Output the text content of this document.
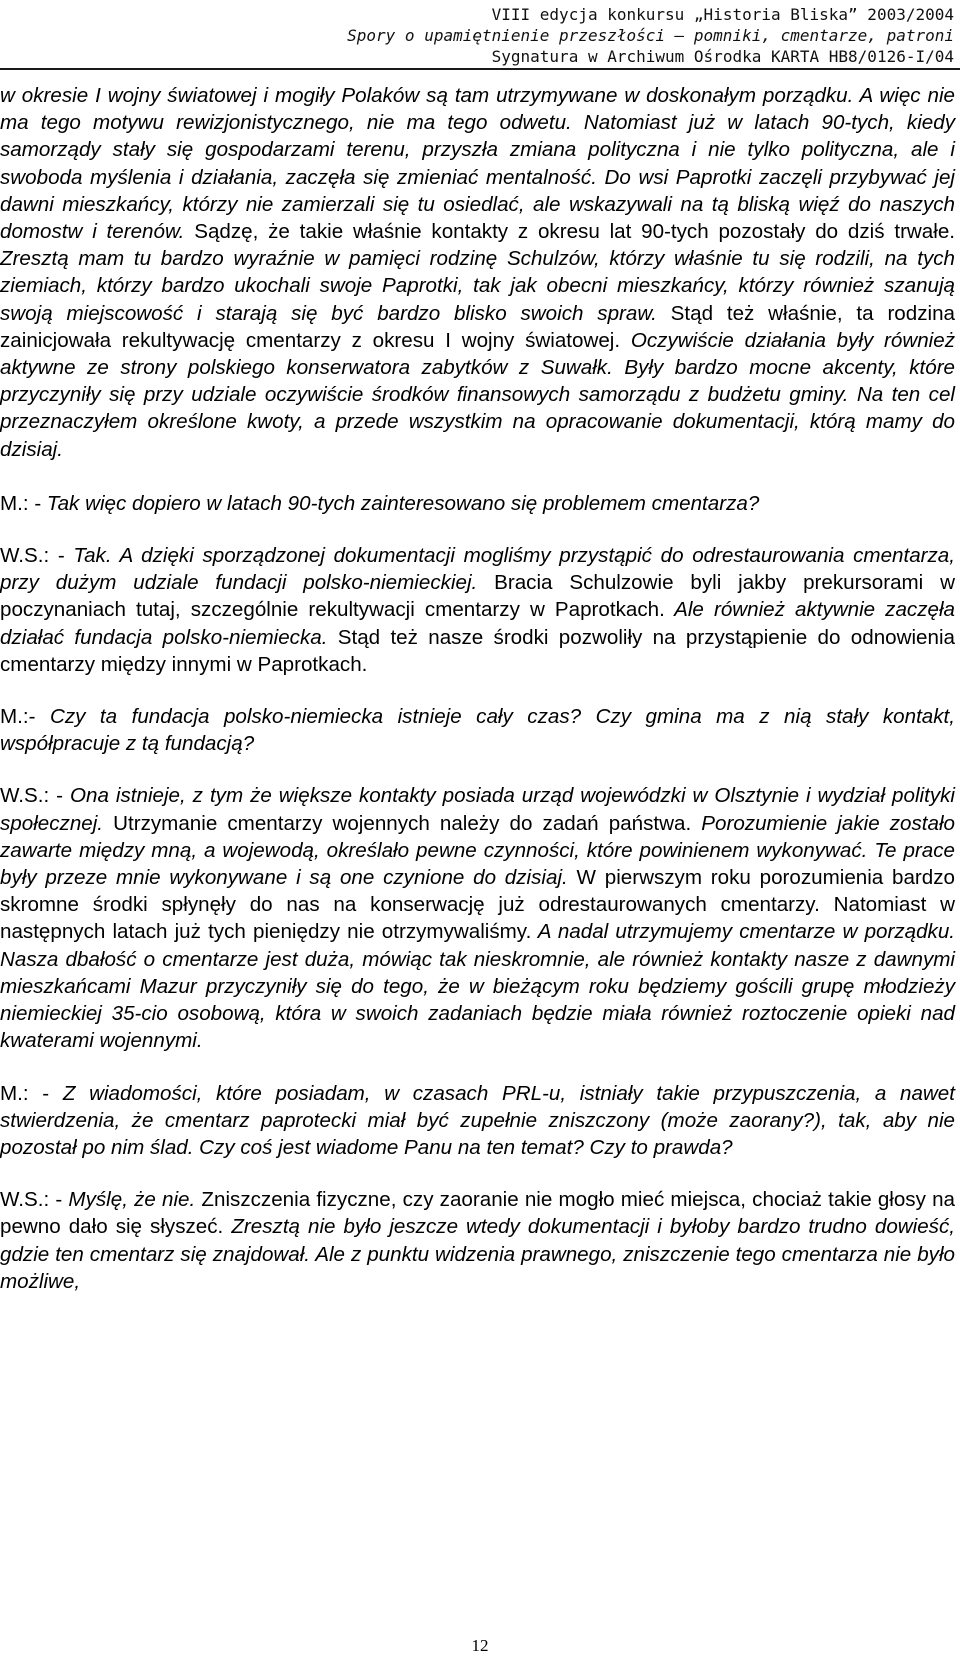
VIII edycja konkursu „Historia Bliska” 2003/2004
Spory o upamiętnienie przeszłości — pomniki, cmentarze, patroni
Sygnatura w Archiwum Ośrodka KARTA HB8/0126-I/04

w okresie I wojny światowej i mogiły Polaków są tam utrzymywane w doskonałym porządku. A więc nie ma tego motywu rewizjonistycznego, nie ma tego odwetu. Natomiast już w latach 90-tych, kiedy samorządy stały się gospodarzami terenu, przyszła zmiana polityczna i nie tylko polityczna, ale i swoboda myślenia i działania, zaczęła się zmieniać mentalność. Do wsi Paprotki zaczęli przybywać jej dawni mieszkańcy, którzy nie zamierzali się tu osiedlać, ale wskazywali na tą bliską więź do naszych domostw i terenów. Sądzę, że takie właśnie kontakty z okresu lat 90-tych pozostały do dziś trwałe. Zresztą mam tu bardzo wyraźnie w pamięci rodzinę Schulzów, którzy właśnie tu się rodzili, na tych ziemiach, którzy bardzo ukochali swoje Paprotki, tak jak obecni mieszkańcy, którzy również szanują swoją miejscowość i starają się być bardzo blisko swoich spraw. Stąd też właśnie, ta rodzina zainicjowała rekultywację cmentarzy z okresu I wojny światowej. Oczywiście działania były również aktywne ze strony polskiego konserwatora zabytków z Suwałk. Były bardzo mocne akcenty, które przyczyniły się przy udziale oczywiście środków finansowych samorządu z budżetu gminy. Na ten cel przeznaczyłem określone kwoty, a przede wszystkim na opracowanie dokumentacji, którą mamy do dzisiaj.

M.: - Tak więc dopiero w latach 90-tych zainteresowano się problemem cmentarza?

W.S.: - Tak. A dzięki sporządzonej dokumentacji mogliśmy przystąpić do odrestaurowania cmentarza, przy dużym udziale fundacji polsko-niemieckiej. Bracia Schulzowie byli jakby prekursorami w poczynaniach tutaj, szczególnie rekultywacji cmentarzy w Paprotkach. Ale również aktywnie zaczęła działać fundacja polsko-niemiecka. Stąd też nasze środki pozwoliły na przystąpienie do odnowienia cmentarzy między innymi w Paprotkach.

M.:- Czy ta fundacja polsko-niemiecka istnieje cały czas? Czy gmina ma z nią stały kontakt, współpracuje z tą fundacją?

W.S.: - Ona istnieje, z tym że większe kontakty posiada urząd wojewódzki w Olsztynie i wydział polityki społecznej. Utrzymanie cmentarzy wojennych należy do zadań państwa. Porozumienie jakie zostało zawarte między mną, a wojewodą, określało pewne czynności, które powinienem wykonywać. Te prace były przeze mnie wykonywane i są one czynione do dzisiaj. W pierwszym roku porozumienia bardzo skromne środki spłynęły do nas na konserwację już odrestaurowanych cmentarzy. Natomiast w następnych latach już tych pieniędzy nie otrzymywaliśmy. A nadal utrzymujemy cmentarze w porządku. Nasza dbałość o cmentarze jest duża, mówiąc tak nieskromnie, ale również kontakty nasze z dawnymi mieszkańcami Mazur przyczyniły się do tego, że w bieżącym roku będziemy gościli grupę młodzieży niemieckiej 35-cio osobową, która w swoich zadaniach będzie miała również roztoczenie opieki nad kwaterami wojennymi.

M.: - Z wiadomości, które posiadam, w czasach PRL-u, istniały takie przypuszczenia, a nawet stwierdzenia, że cmentarz paprotecki miał być zupełnie zniszczony (może zaorany?), tak, aby nie pozostał po nim ślad. Czy coś jest wiadome Panu na ten temat? Czy to prawda?

W.S.: - Myślę, że nie. Zniszczenia fizyczne, czy zaoranie nie mogło mieć miejsca, chociaż takie głosy na pewno dało się słyszeć. Zresztą nie było jeszcze wtedy dokumentacji i byłoby bardzo trudno dowieść, gdzie ten cmentarz się znajdował. Ale z punktu widzenia prawnego, zniszczenie tego cmentarza nie było możliwe,

12
